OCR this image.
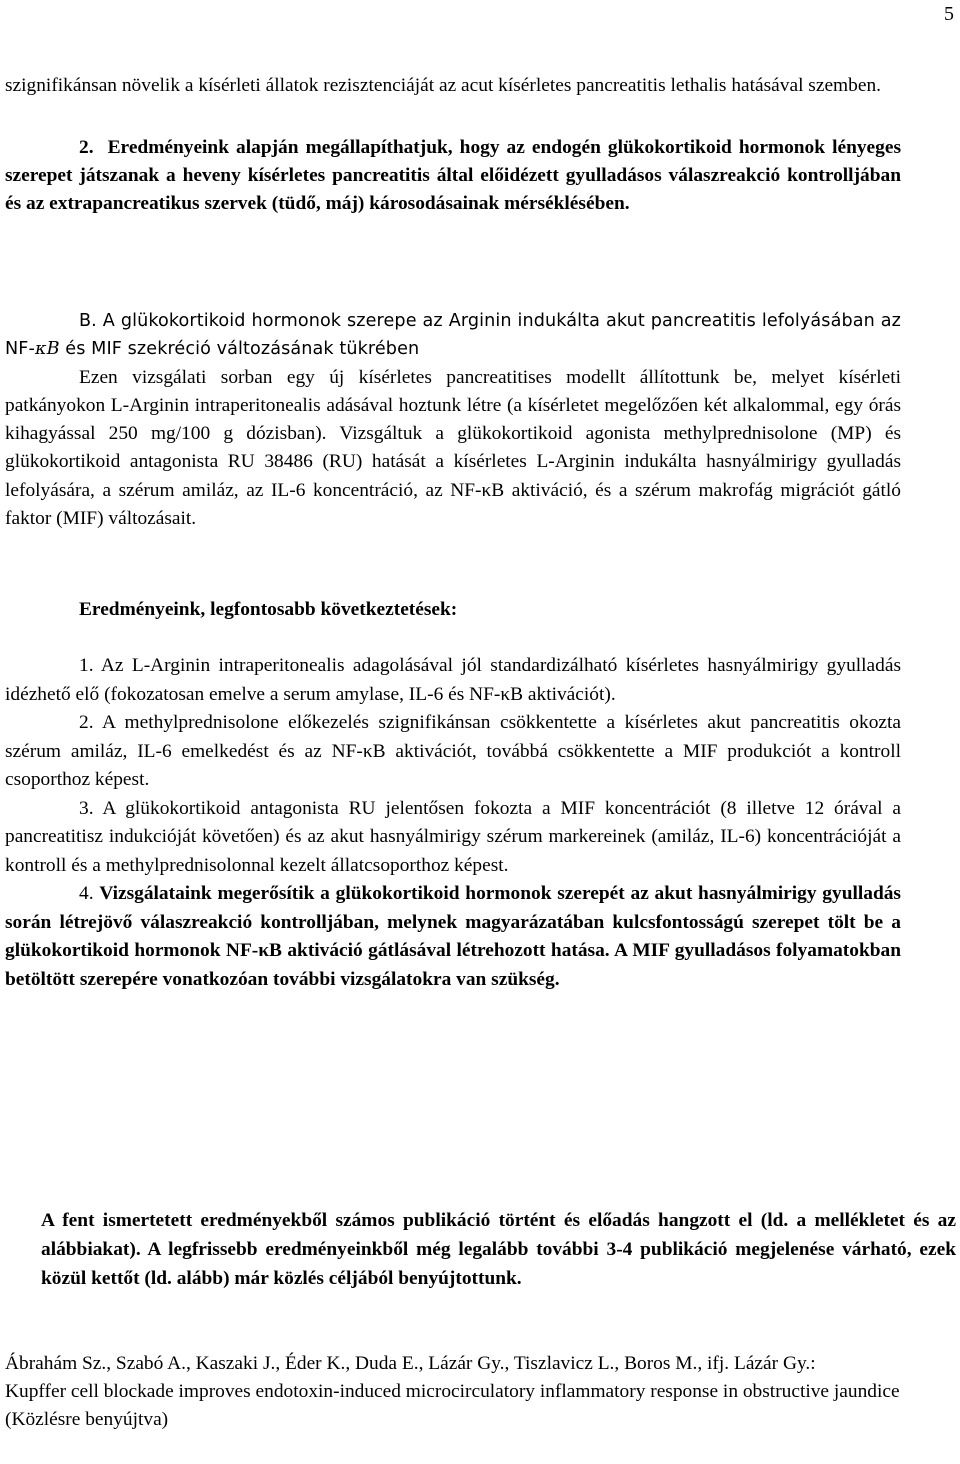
5

szignifikánsan növelik a kísérleti állatok rezisztenciáját az acut kísérletes pancreatitis lethalis hatásával szemben.

2. Eredményeink alapján megállapíthatjuk, hogy az endogén glükokortikoid hormonok lényeges szerepet játszanak a heveny kísérletes pancreatitis által előidézett gyulladásos válaszreakció kontrolljában és az extrapancreatikus szervek (tüdő, máj) károsodásainak mérséklésében.

B. A glükokortikoid hormonok szerepe az Arginin indukálta akut pancreatitis lefolyásában az NF-κB és MIF szekréció változásának tükrében

Ezen vizsgálati sorban egy új kísérletes pancreatitises modellt állítottunk be, melyet kísérleti patkányokon L-Arginin intraperitonealis adásával hoztunk létre (a kísérletet megelőzően két alkalommal, egy órás kihagyással 250 mg/100 g dózisban). Vizsgáltuk a glükokortikoid agonista methylprednisolone (MP) és glükokortikoid antagonista RU 38486 (RU) hatását a kísérletes L-Arginin indukálta hasnyálmirigy gyulladás lefolyására, a szérum amiláz, az IL-6 koncentráció, az NF-κB aktiváció, és a szérum makrofág migrációt gátló faktor (MIF) változásait.

Eredményeink, legfontosabb következtetések:

1. Az L-Arginin intraperitonealis adagolásával jól standardizálható kísérletes hasnyálmirigy gyulladás idézhető elő (fokozatosan emelve a serum amylase, IL-6 és NF-κB aktivációt).

2. A methylprednisolone előkezelés szignifikánsan csökkentette a kísérletes akut pancreatitis okozta szérum amiláz, IL-6 emelkedést és az NF-κB aktivációt, továbbá csökkentette a MIF produkciót a kontroll csoporthoz képest.

3. A glükokortikoid antagonista RU jelentősen fokozta a MIF koncentrációt (8 illetve 12 órával a pancreatitisz indukcióját követően) és az akut hasnyálmirigy szérum markereinek (amiláz, IL-6) koncentrációját a kontroll és a methylprednisolonnal kezelt állatcsoporthoz képest.

4. Vizsgálataink megerősítik a glükokortikoid hormonok szerepét az akut hasnyálmirigy gyulladás során létrejövő válaszreakció kontrolljában, melynek magyarázatában kulcsfontosságú szerepet tölt be a glükokortikoid hormonok NF-κB aktiváció gátlásával létrehozott hatása. A MIF gyulladásos folyamatokban betöltött szerepére vonatkozóan további vizsgálatokra van szükség.

A fent ismertetett eredményekből számos publikáció történt és előadás hangzott el (ld. a mellékletet és az alábbiakat). A legfrissebb eredményeinkből még legalább további 3-4 publikáció megjelenése várható, ezek közül kettőt (ld. alább) már közlés céljából benyújtottunk.

Ábrahám Sz., Szabó A., Kaszaki J., Éder K., Duda E., Lázár Gy., Tiszlavicz L., Boros M., ifj. Lázár Gy.:

Kupffer cell blockade improves endotoxin-induced microcirculatory inflammatory response in obstructive jaundice (Közlésre benyújtva)
